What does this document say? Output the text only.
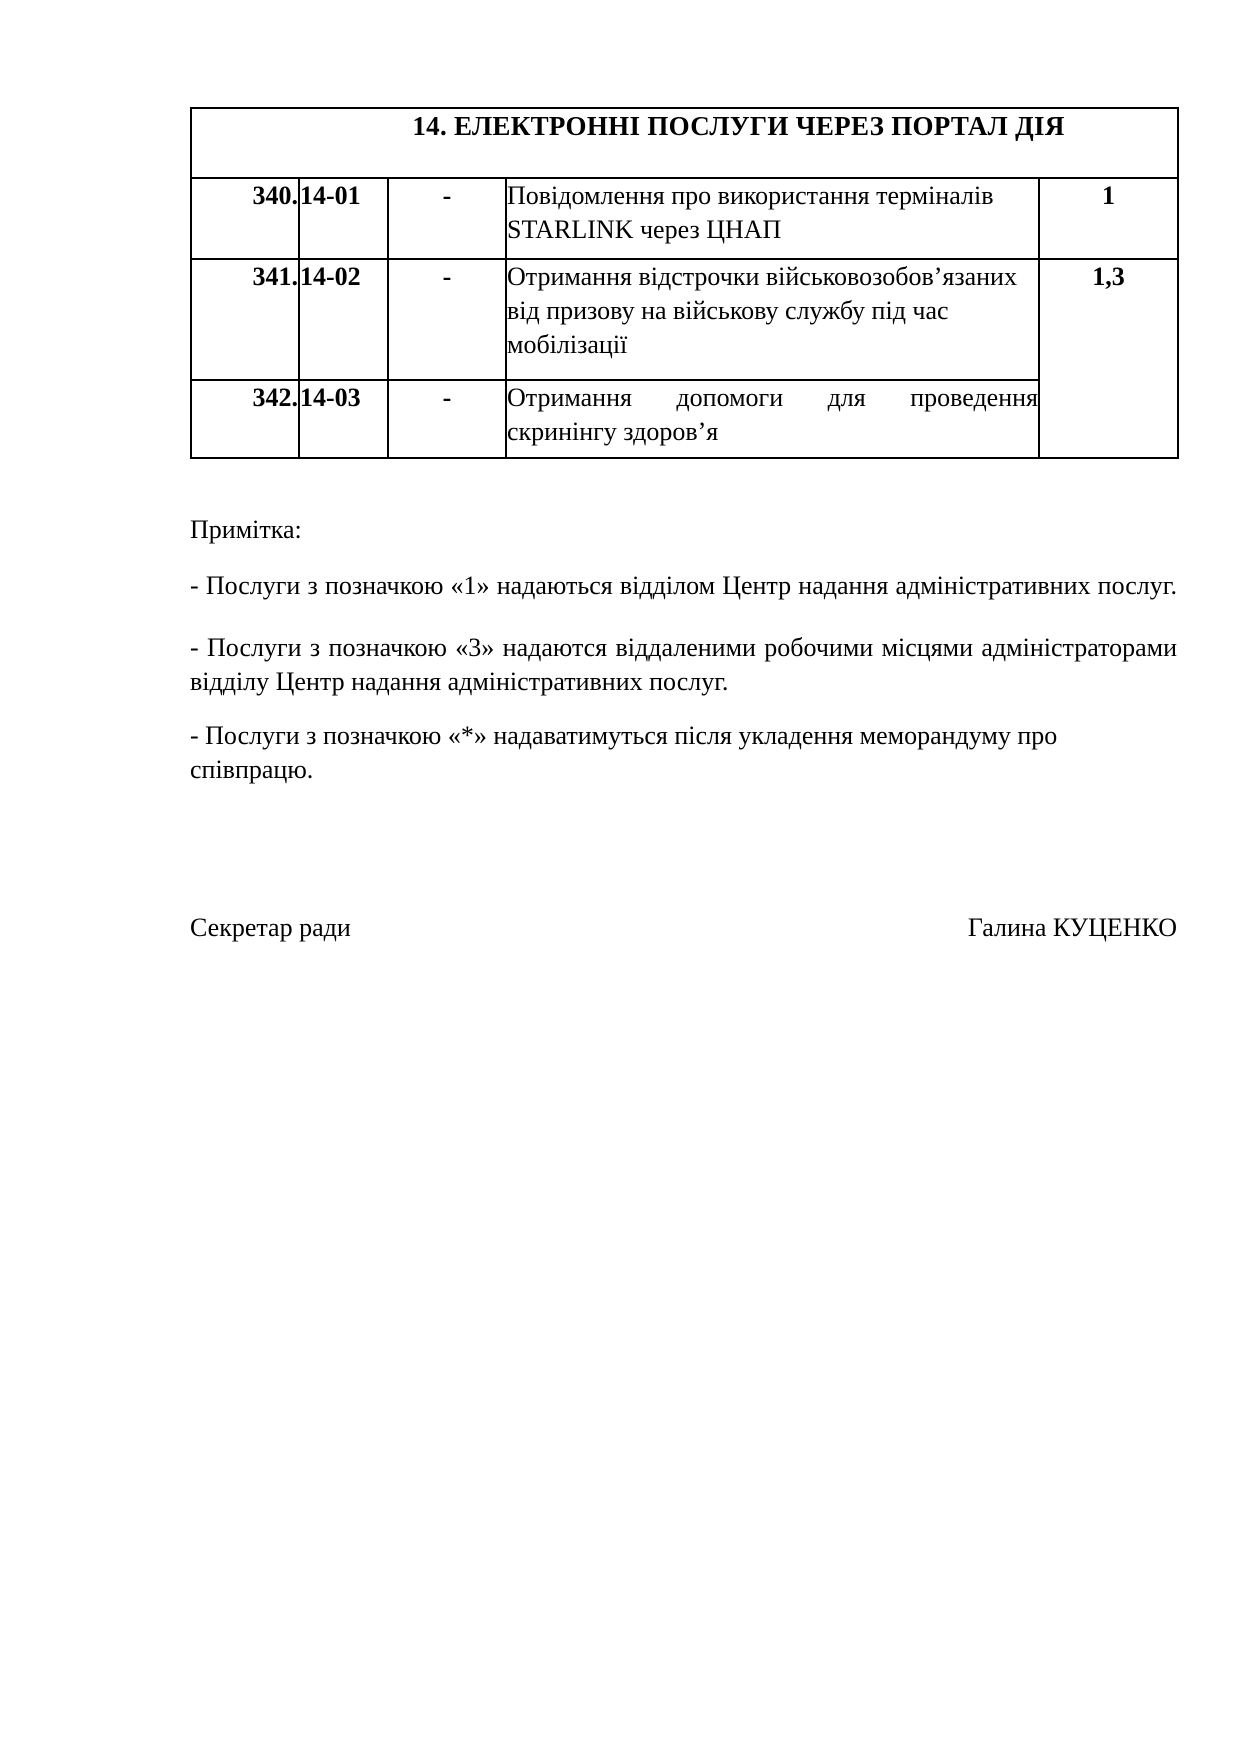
14. ЕЛЕКТРОННІ ПОСЛУГИ ЧЕРЕЗ ПОРТАЛ ДІЯ				

340.	14-01	-	Повідомлення про використання терміналів
STARLINK через ЦНАП	1
341.	14-02	-	Отримання відстрочки військовозобов’язаних
від призову на військову службу під час
мобілізації	1,3
342.	14-03	-	Отримання допомоги для проведення
скринінгу здоров’я	
Примітка:
- Послуги з позначкою «1» надаються відділом Центр надання адміністративних послуг.
- Послуги з позначкою «3» надаются віддаленими робочими місцями адміністраторами
відділу Центр надання адміністративних послуг.
- Послуги з позначкою «*» надаватимуться після укладення меморандуму про співпрацю.
Секретар ради	Галина КУЦЕНКО
